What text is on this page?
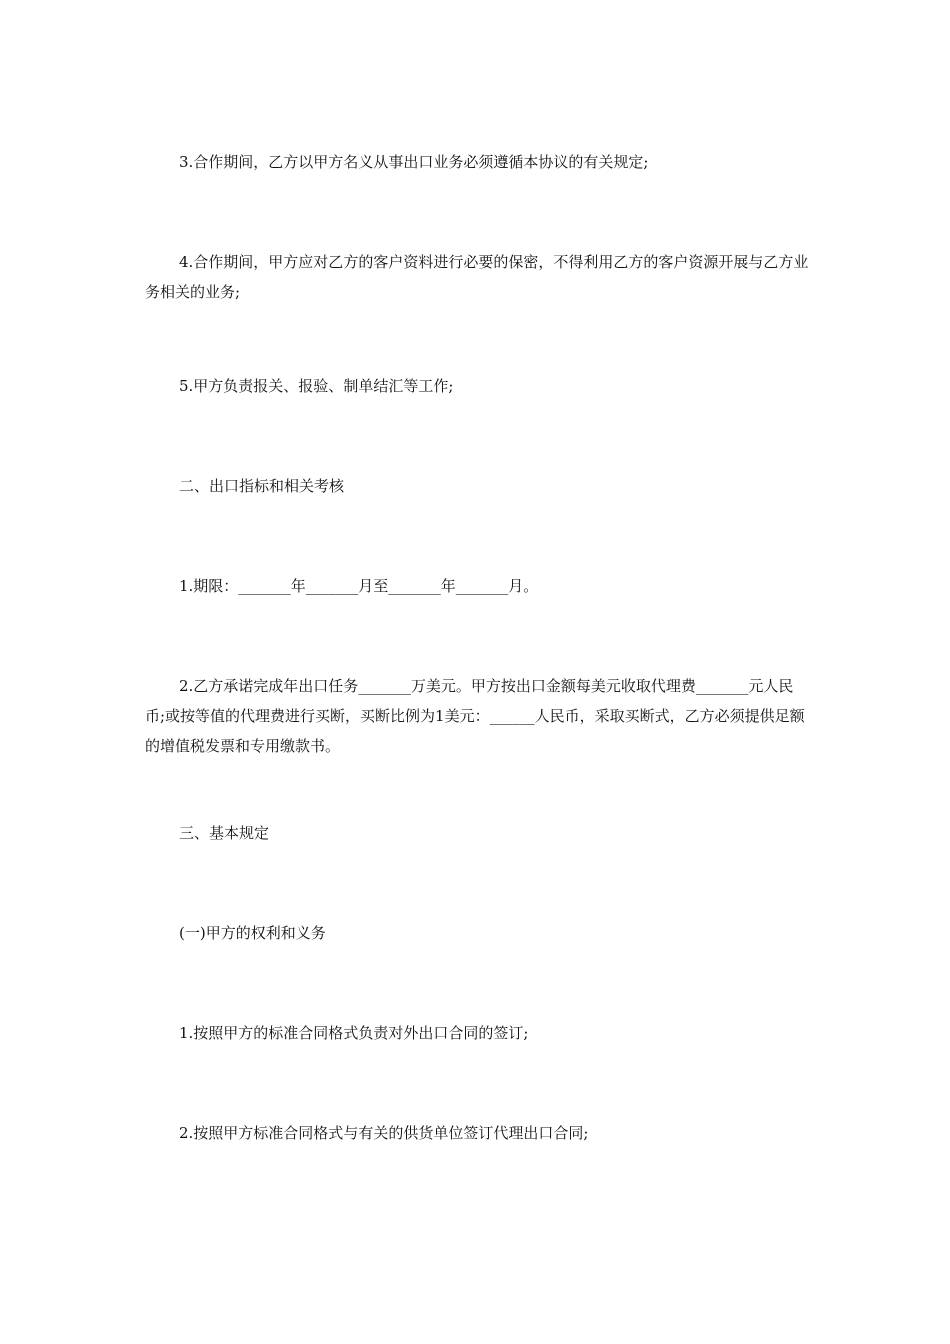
3.合作期间，乙方以甲方名义从事出口业务必须遵循本协议的有关规定;

4.合作期间，甲方应对乙方的客户资料进行必要的保密，不得利用乙方的客户资源开展与乙方业务相关的业务;

5.甲方负责报关、报验、制单结汇等工作;

二、出口指标和相关考核

1.期限：_______年_______月至_______年_______月。

2.乙方承诺完成年出口任务_______万美元。甲方按出口金额每美元收取代理费_______元人民币;或按等值的代理费进行买断，买断比例为1美元：______人民币，采取买断式，乙方必须提供足额的增值税发票和专用缴款书。

三、基本规定

(一)甲方的权利和义务

1.按照甲方的标准合同格式负责对外出口合同的签订;

2.按照甲方标准合同格式与有关的供货单位签订代理出口合同;
